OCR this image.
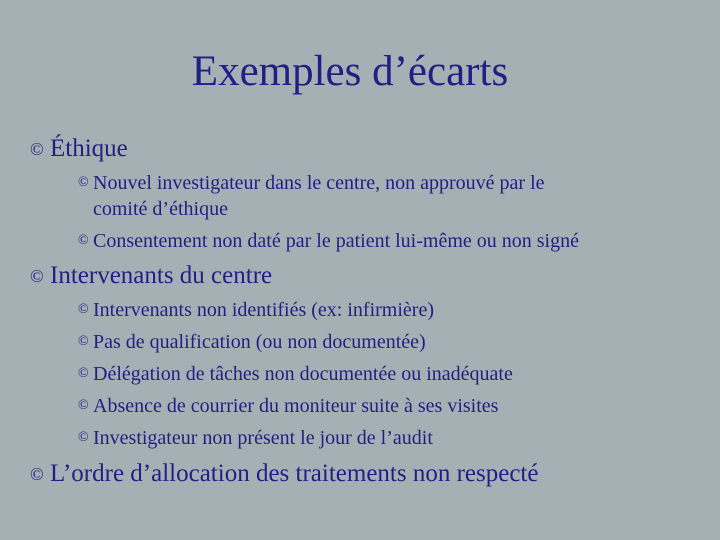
Exemples d’écarts
© Éthique
© Nouvel investigateur dans le centre, non approuvé par le
comité d’éthique
© Consentement non daté par le patient lui-même ou non signé
© Intervenants du centre
© Intervenants non identifiés (ex: infirmière)
© Pas de qualification (ou non documentée)
© Délégation de tâches non documentée ou inadéquate
© Absence de courrier du moniteur suite à ses visites
© Investigateur non présent le jour de l’audit
© L’ordre d’allocation des traitements non respecté
